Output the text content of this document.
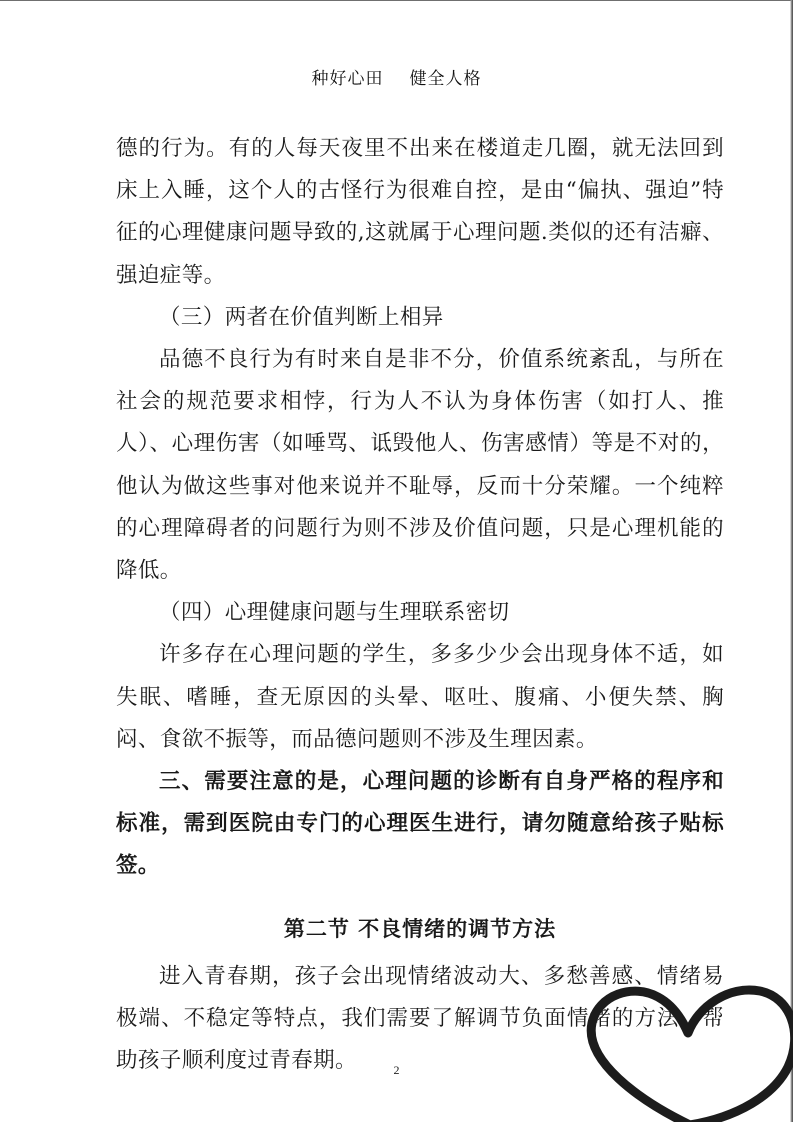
种好心田 健全人格

德的行为。有的人每天夜里不出来在楼道走几圈，就无法回到床上入睡，这个人的古怪行为很难自控，是由“偏执、强迫”特征的心理健康问题导致的,这就属于心理问题.类似的还有洁癖、强迫症等。

（三）两者在价值判断上相异

品德不良行为有时来自是非不分，价值系统紊乱，与所在社会的规范要求相悖，行为人不认为身体伤害（如打人、推人）、心理伤害（如唾骂、诋毁他人、伤害感情）等是不对的，他认为做这些事对他来说并不耻辱，反而十分荣耀。一个纯粹的心理障碍者的问题行为则不涉及价值问题，只是心理机能的降低。

（四）心理健康问题与生理联系密切

许多存在心理问题的学生，多多少少会出现身体不适，如失眠、嗜睡，查无原因的头晕、呕吐、腹痛、小便失禁、胸闷、食欲不振等，而品德问题则不涉及生理因素。

三、需要注意的是，心理问题的诊断有自身严格的程序和标准，需到医院由专门的心理医生进行，请勿随意给孩子贴标签。

第二节 不良情绪的调节方法

进入青春期，孩子会出现情绪波动大、多愁善感、情绪易极端、不稳定等特点，我们需要了解调节负面情绪的方法，帮助孩子顺利度过青春期。	2
